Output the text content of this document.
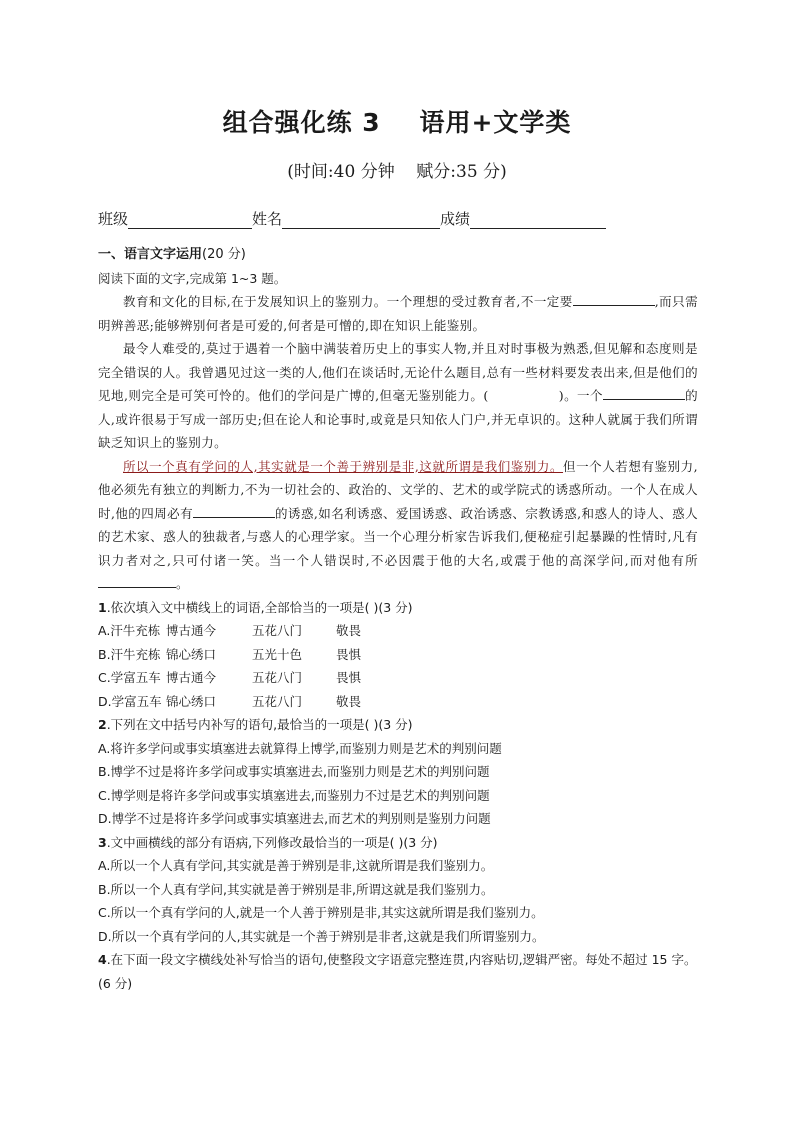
组合强化练 3    语用+文学类
(时间:40 分钟    赋分:35 分)
班级	姓名	成绩
一、语言文字运用(20 分)
阅读下面的文字,完成第 1~3 题。
教育和文化的目标,在于发展知识上的鉴别力。一个理想的受过教育者,不一定要	,而只需明辨善恶;能够辨别何者是可爱的,何者是可憎的,即在知识上能鉴别。
最令人难受的,莫过于遇着一个脑中满装着历史上的事实人物,并且对时事极为熟悉,但见解和态度则是完全错误的人。我曾遇见过这一类的人,他们在谈话时,无论什么题目,总有一些材料要发表出来,但是他们的见地,则完全是可笑可怜的。他们的学问是广博的,但毫无鉴别能力。(	)。一个	的人,或许很易于写成一部历史;但在论人和论事时,或竟是只知依人门户,并无卓识的。这种人就属于我们所谓缺乏知识上的鉴别力。
所以一个真有学问的人,其实就是一个善于辨别是非,这就所谓是我们鉴别力。但一个人若想有鉴别力,他必须先有独立的判断力,不为一切社会的、政治的、文学的、艺术的或学院式的诱惑所动。一个人在成人时,他的四周必有	的诱惑,如名利诱惑、爱国诱惑、政治诱惑、宗教诱惑,和惑人的诗人、惑人的艺术家、惑人的独裁者,与惑人的心理学家。当一个心理分析家告诉我们,便秘症引起暴躁的性情时,凡有识力者对之,只可付诸一笑。当一个人错误时,不必因震于他的大名,或震于他的高深学问,而对他有所。
1.依次填入文中横线上的词语,全部恰当的一项是( )(3 分)
A.汗牛充栋 博古通今	五花八门	敬畏
B.汗牛充栋 锦心绣口	五光十色	畏惧
C.学富五车 博古通今	五花八门	畏惧
D.学富五车 锦心绣口	五花八门	敬畏
2.下列在文中括号内补写的语句,最恰当的一项是( )(3 分)
A.将许多学问或事实填塞进去就算得上博学,而鉴别力则是艺术的判别问题
B.博学不过是将许多学问或事实填塞进去,而鉴别力则是艺术的判别问题
C.博学则是将许多学问或事实填塞进去,而鉴别力不过是艺术的判别问题
D.博学不过是将许多学问或事实填塞进去,而艺术的判别则是鉴别力问题
3.文中画横线的部分有语病,下列修改最恰当的一项是( )(3 分)
A.所以一个人真有学问,其实就是善于辨别是非,这就所谓是我们鉴别力。
B.所以一个人真有学问,其实就是善于辨别是非,所谓这就是我们鉴别力。
C.所以一个真有学问的人,就是一个人善于辨别是非,其实这就所谓是我们鉴别力。
D.所以一个真有学问的人,其实就是一个善于辨别是非者,这就是我们所谓鉴别力。
4.在下面一段文字横线处补写恰当的语句,使整段文字语意完整连贯,内容贴切,逻辑严密。每处不超过 15 字。(6 分)
